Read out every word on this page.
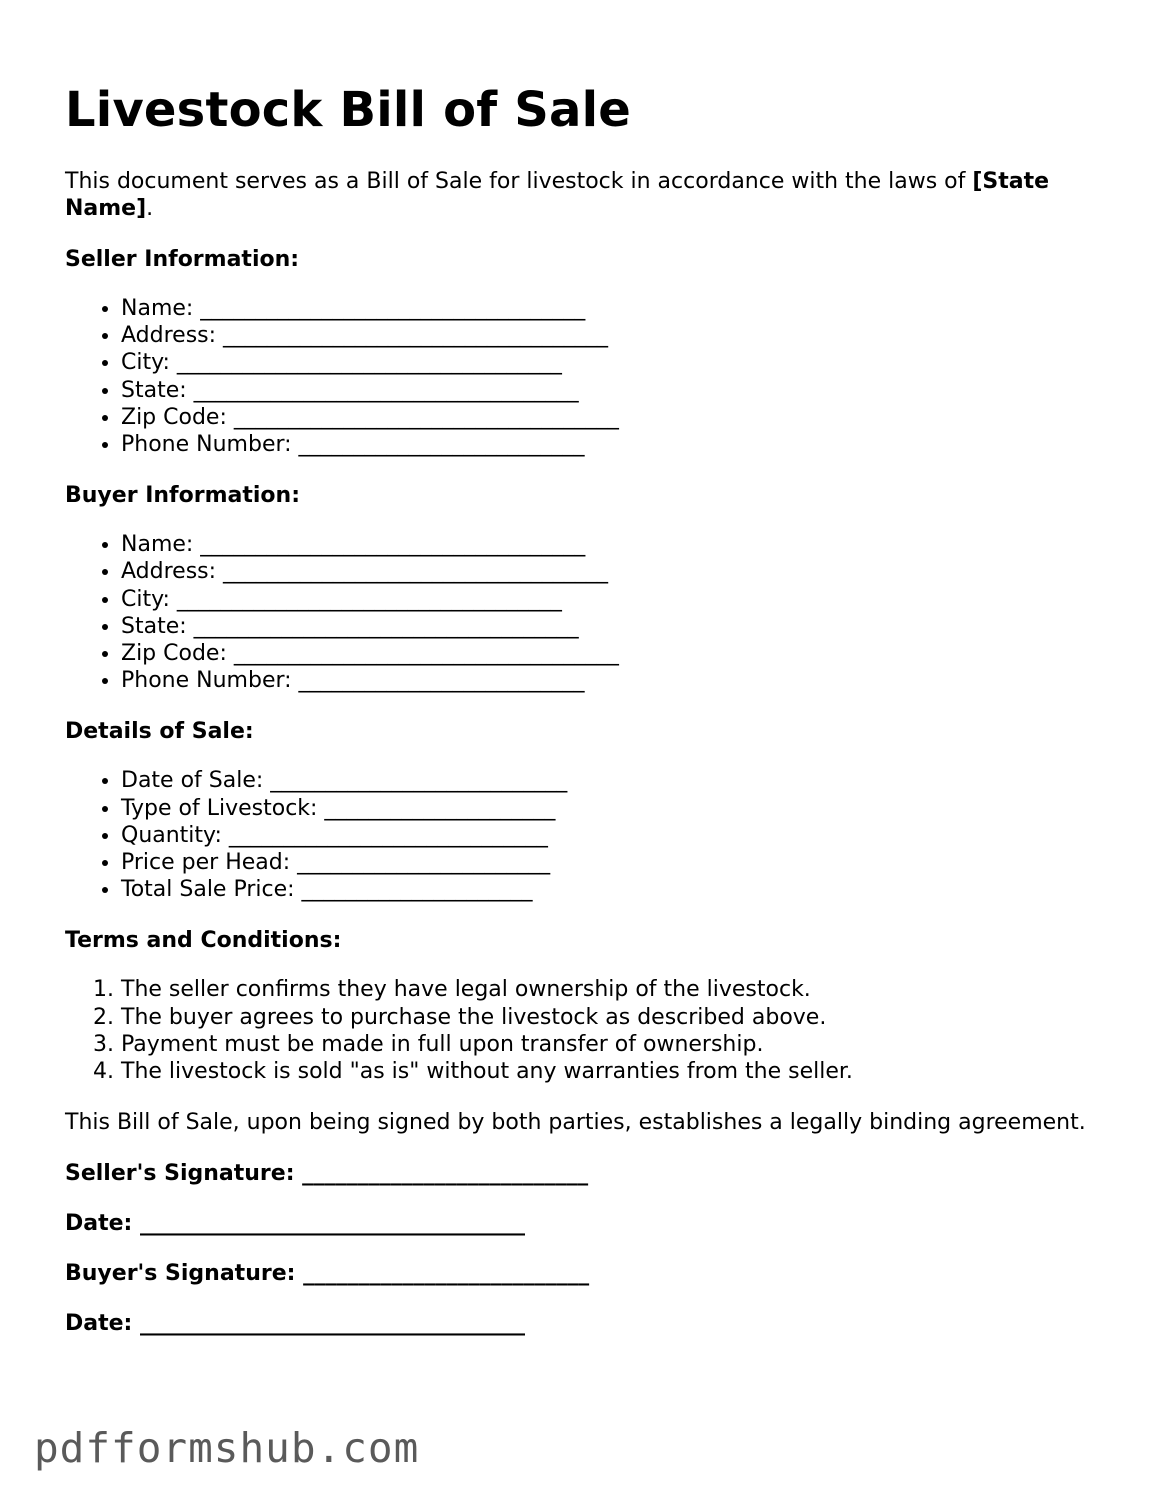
Livestock Bill of Sale

This document serves as a Bill of Sale for livestock in accordance with the laws of [State Name].

Seller Information:
• Name: ___________________________________
• Address: ___________________________________
• City: ___________________________________
• State: ___________________________________
• Zip Code: ___________________________________
• Phone Number: __________________________
Buyer Information:
• Name: ___________________________________
• Address: ___________________________________
• City: ___________________________________
• State: ___________________________________
• Zip Code: ___________________________________
• Phone Number: __________________________
Details of Sale:
• Date of Sale: ___________________________
• Type of Livestock: _____________________
• Quantity: _____________________________
• Price per Head: _______________________
• Total Sale Price: _____________________
Terms and Conditions:
1. The seller confirms they have legal ownership of the livestock.
2. The buyer agrees to purchase the livestock as described above.
3. Payment must be made in full upon transfer of ownership.
4. The livestock is sold "as is" without any warranties from the seller.

This Bill of Sale, upon being signed by both parties, establishes a legally binding agreement.

Seller's Signature: __________________________

Date: ___________________________________

Buyer's Signature: __________________________

Date: ___________________________________

pdfformshub.com
